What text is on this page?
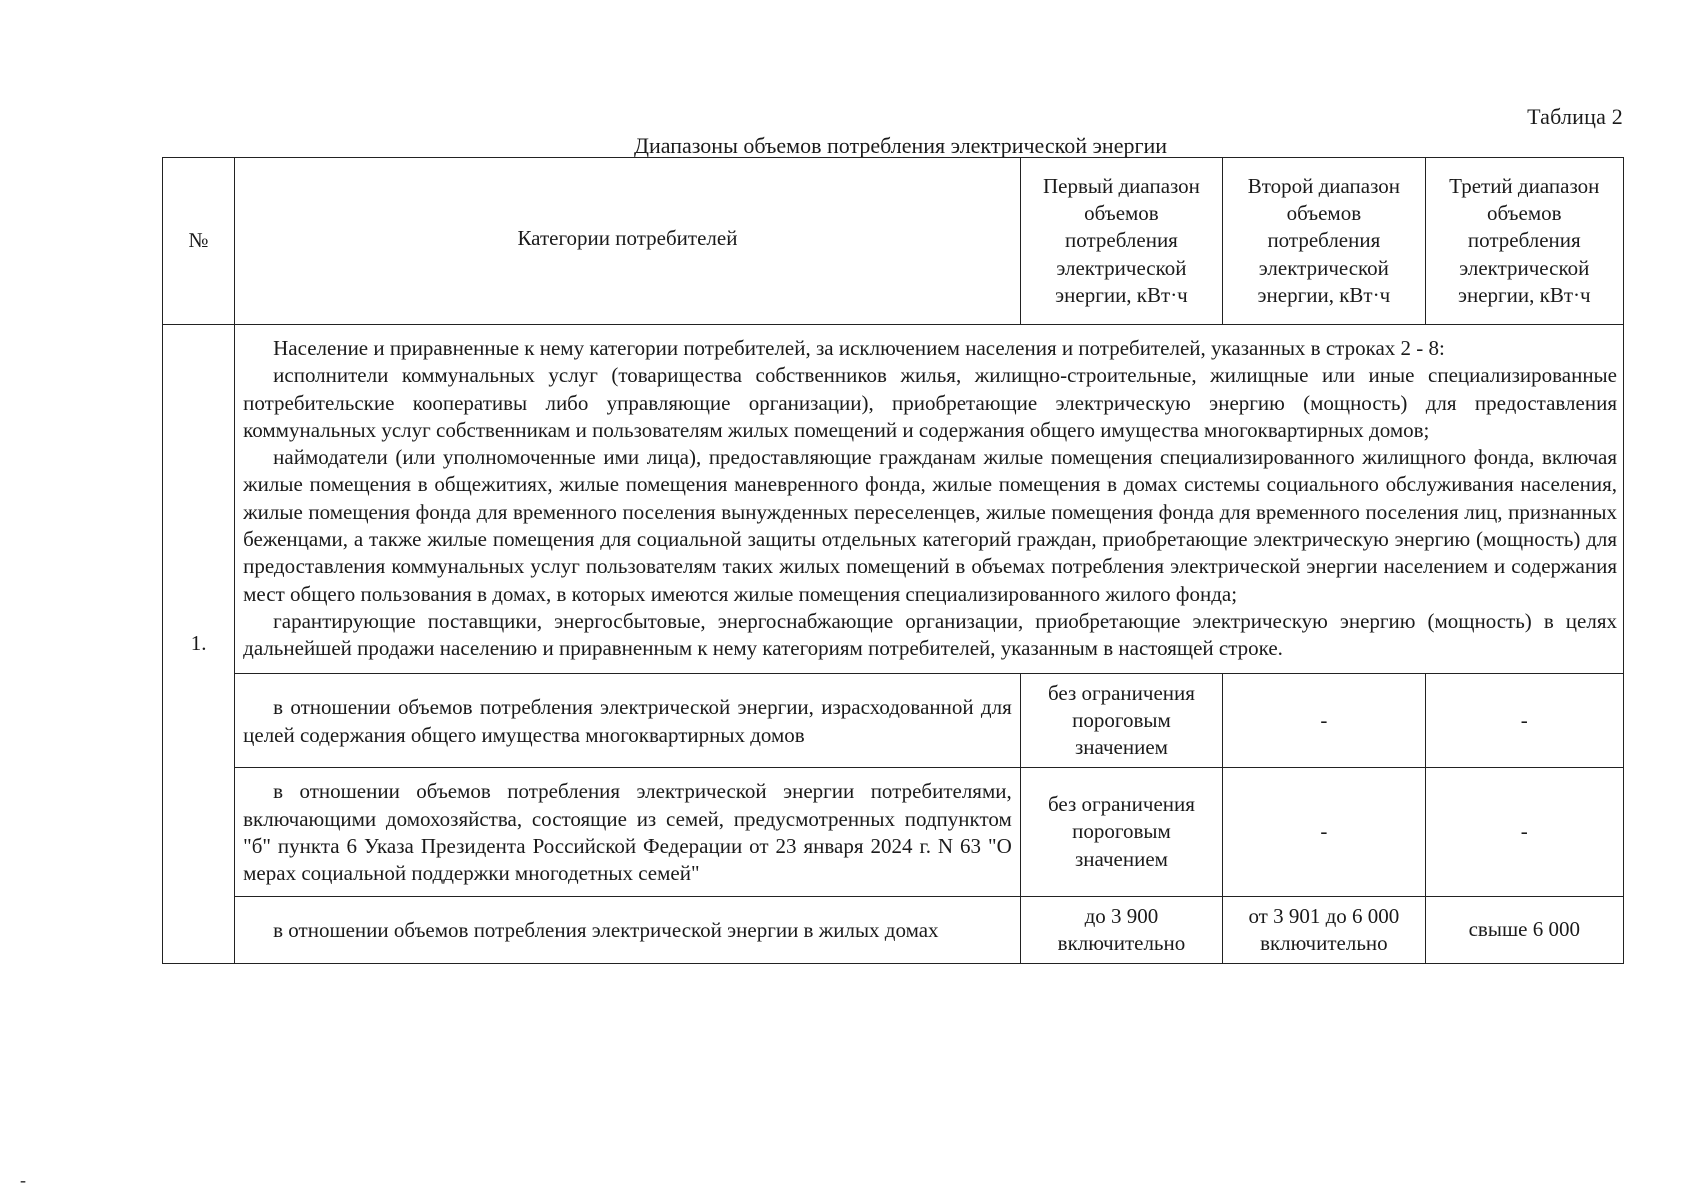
Таблица 2
Диапазоны объемов потребления электрической энергии
№	Категории потребителей	Первый диапазон объемов потребления электрической энергии, кВт·ч	Второй диапазон объемов потребления электрической энергии, кВт·ч	Третий диапазон объемов потребления электрической энергии, кВт·ч
1.	Население и приравненные к нему категории потребителей, за исключением населения и потребителей, указанных в строках 2 - 8:

исполнители коммунальных услуг (товарищества собственников жилья, жилищно-строительные, жилищные или иные специализированные потребительские кооперативы либо управляющие организации), приобретающие электрическую энергию (мощность) для предоставления коммунальных услуг собственникам и пользователям жилых помещений и содержания общего имущества многоквартирных домов;

наймодатели (или уполномоченные ими лица), предоставляющие гражданам жилые помещения специализированного жилищного фонда, включая жилые помещения в общежитиях, жилые помещения маневренного фонда, жилые помещения в домах системы социального обслуживания населения, жилые помещения фонда для временного поселения вынужденных переселенцев, жилые помещения фонда для временного поселения лиц, признанных беженцами, а также жилые помещения для социальной защиты отдельных категорий граждан, приобретающие электрическую энергию (мощность) для предоставления коммунальных услуг пользователям таких жилых помещений в объемах потребления электрической энергии населением и содержания мест общего пользования в домах, в которых имеются жилые помещения специализированного жилого фонда;

гарантирующие поставщики, энергосбытовые, энергоснабжающие организации, приобретающие электрическую энергию (мощность) в целях дальнейшей продажи населению и приравненным к нему категориям потребителей, указанным в настоящей строке.			

	в отношении объемов потребления электрической энергии, израсходованной для целей содержания общего имущества многоквартирных домов	без ограничения пороговым значением	-	-

	в отношении объемов потребления электрической энергии потребителями, включающими домохозяйства, состоящие из семей, предусмотренных подпунктом "б" пункта 6 Указа Президента Российской Федерации от 23 января 2024 г. N 63 "О мерах социальной поддержки многодетных семей"	без ограничения пороговым значением	-	-

	в отношении объемов потребления электрической энергии в жилых домах	до 3 900 включительно	от 3 901 до 6 000 включительно	свыше 6 000
-
